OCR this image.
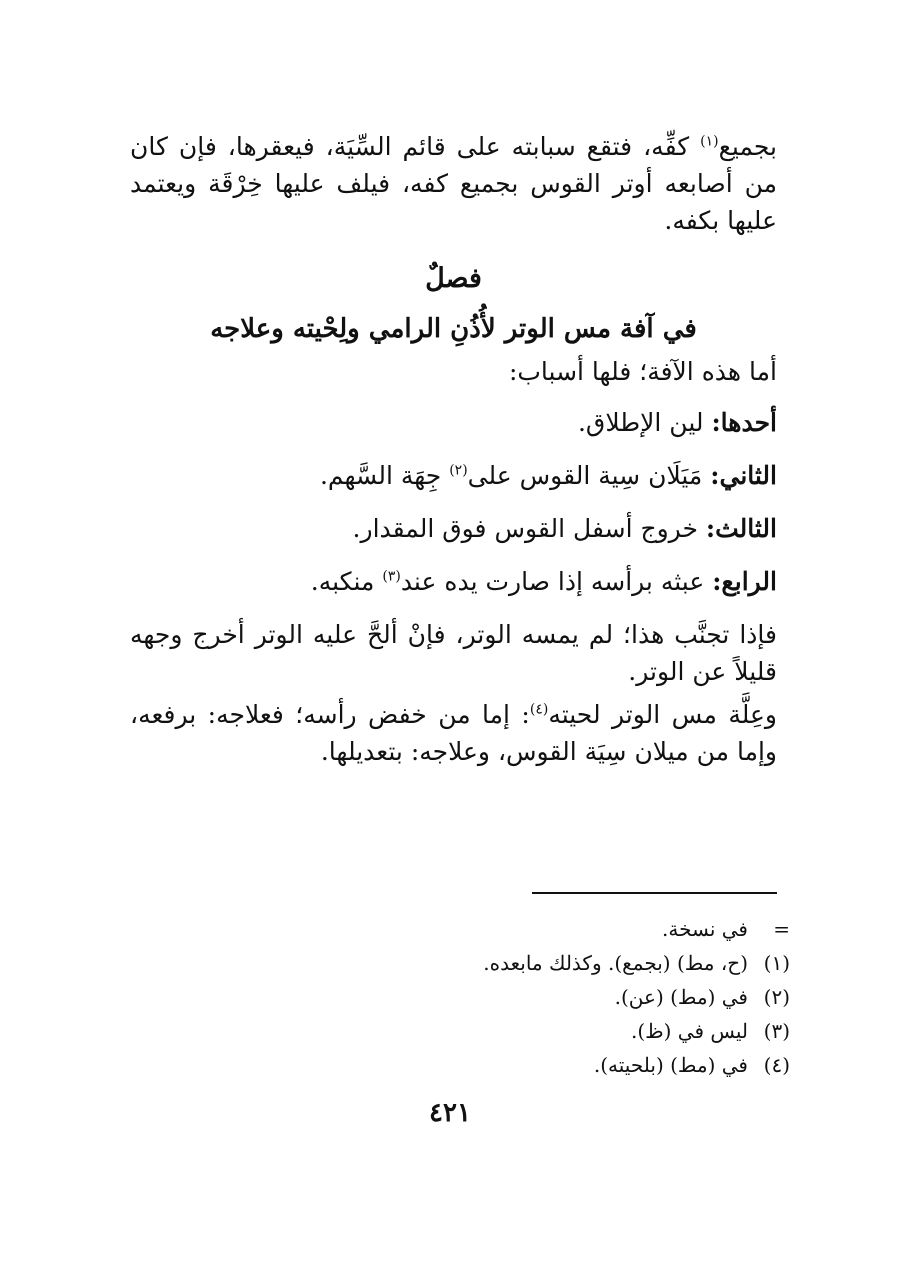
بجميع$^{(١)}$ كفِّه، فتقع سبابته على قائم السِّيَة، فيعقرها، فإن كان من أصابعه أوتر القوس بجميع كفه، فيلف عليها خِرْقَة ويعتمد عليها بكفه.

فصلٌ
في آفة مس الوتر لأُذُنِ الرامي ولِحْيته وعلاجه
أما هذه الآفة؛ فلها أسباب:
أحدها: لين الإطلاق.
الثاني: مَيَلَان سِية القوس على$^{(٢)}$ جِهَة السَّهم.
الثالث: خروج أسفل القوس فوق المقدار.
الرابع: عبثه برأسه إذا صارت يده عند$^{(٣)}$ منكبه.

فإذا تجنَّب هذا؛ لم يمسه الوتر، فإنْ ألحَّ عليه الوتر أخرج وجهه قليلاً عن الوتر.

وعِلَّة مس الوتر لحيته$^{(٤)}$: إما من خفض رأسه؛ فعلاجه: برفعه، وإما من ميلان سِيَة القوس، وعلاجه: بتعديلها.

=
في نسخة.
(١)
(ح، مط) (بجمع). وكذلك مابعده.
(٢)
في (مط) (عن).
(٣)
ليس في (ظ).
(٤)
في (مط) (بلحيته).
٤٢١
